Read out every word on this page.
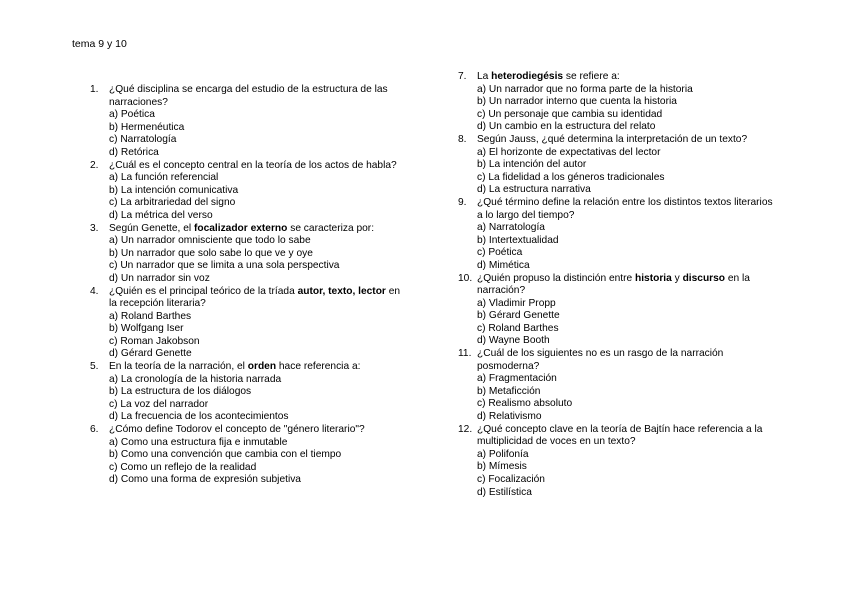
tema 9 y 10
1.	¿Qué disciplina se encarga del estudio de la estructura de las narraciones?
a) Poética
b) Hermenéutica
c) Narratología
d) Retórica
2.	¿Cuál es el concepto central en la teoría de los actos de habla?
a) La función referencial
b) La intención comunicativa
c) La arbitrariedad del signo
d) La métrica del verso
3.	Según Genette, el focalizador externo se caracteriza por:
a) Un narrador omnisciente que todo lo sabe
b) Un narrador que solo sabe lo que ve y oye
c) Un narrador que se limita a una sola perspectiva
d) Un narrador sin voz
4.	¿Quién es el principal teórico de la tríada autor, texto, lector en la recepción literaria?
a) Roland Barthes
b) Wolfgang Iser
c) Roman Jakobson
d) Gérard Genette
5.	En la teoría de la narración, el orden hace referencia a:
a) La cronología de la historia narrada
b) La estructura de los diálogos
c) La voz del narrador
d) La frecuencia de los acontecimientos
6.	¿Cómo define Todorov el concepto de "género literario"?
a) Como una estructura fija e inmutable
b) Como una convención que cambia con el tiempo
c) Como un reflejo de la realidad
d) Como una forma de expresión subjetiva
7.	La heterodiegésis se refiere a:
a) Un narrador que no forma parte de la historia
b) Un narrador interno que cuenta la historia
c) Un personaje que cambia su identidad
d) Un cambio en la estructura del relato
8.	Según Jauss, ¿qué determina la interpretación de un texto?
a) El horizonte de expectativas del lector
b) La intención del autor
c) La fidelidad a los géneros tradicionales
d) La estructura narrativa
9.	¿Qué término define la relación entre los distintos textos literarios a lo largo del tiempo?
a) Narratología
b) Intertextualidad
c) Poética
d) Mimética
10. ¿Quién propuso la distinción entre historia y discurso en la narración?
a) Vladimir Propp
b) Gérard Genette
c) Roland Barthes
d) Wayne Booth
11. ¿Cuál de los siguientes no es un rasgo de la narración posmoderna?
a) Fragmentación
b) Metaficción
c) Realismo absoluto
d) Relativismo
12. ¿Qué concepto clave en la teoría de Bajtín hace referencia a la multiplicidad de voces en un texto?
a) Polifonía
b) Mímesis
c) Focalización
d) Estilística
